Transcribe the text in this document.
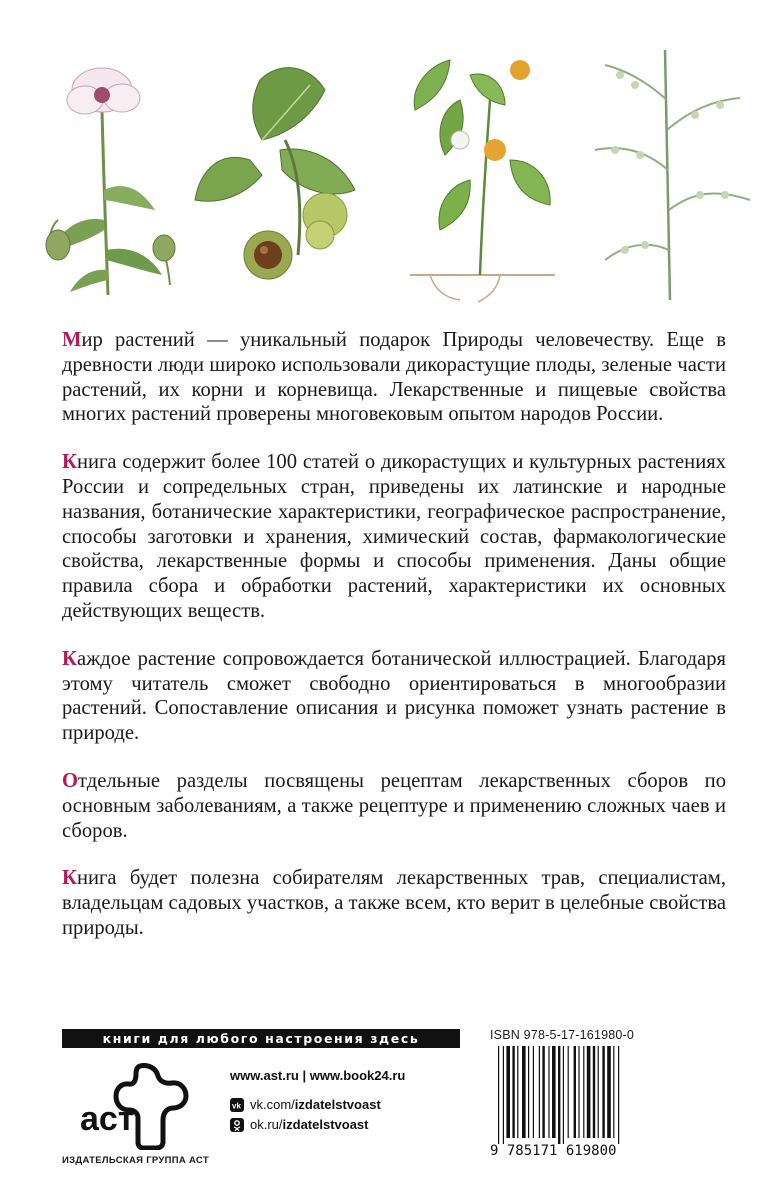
Мир растений — уникальный подарок Природы человечеству. Еще в древности люди широко использовали дикорастущие плоды, зеленые части растений, их корни и корневища. Лекарственные и пищевые свойства многих растений проверены многовековым опытом народов России.

Книга содержит более 100 статей о дикорастущих и культурных растениях России и сопредельных стран, приведены их латинские и народные названия, ботанические характеристики, географическое распространение, способы заготовки и хранения, химический состав, фармакологические свойства, лекарственные формы и способы применения. Даны общие правила сбора и обработки растений, характеристики их основных действующих веществ.

Каждое растение сопровождается ботанической иллюстрацией. Благодаря этому читатель сможет свободно ориентироваться в многообразии растений. Сопоставление описания и рисунка поможет узнать растение в природе.

Отдельные разделы посвящены рецептам лекарственных сборов по основным заболеваниям, а также рецептуре и применению сложных чаев и сборов.

Книга будет полезна собирателям лекарственных трав, специалистам, владельцам садовых участков, а также всем, кто верит в целебные свойства природы.

книги для любого настроения здесь
аст
ИЗДАТЕЛЬСКАЯ ГРУППА АСТ
www.ast.ru | www.book24.ru
vk vk.com/ izdatelstvoast
ok.ru/ izdatelstvoast
ISBN 978-5-17-161980-0
9 785171 619800
